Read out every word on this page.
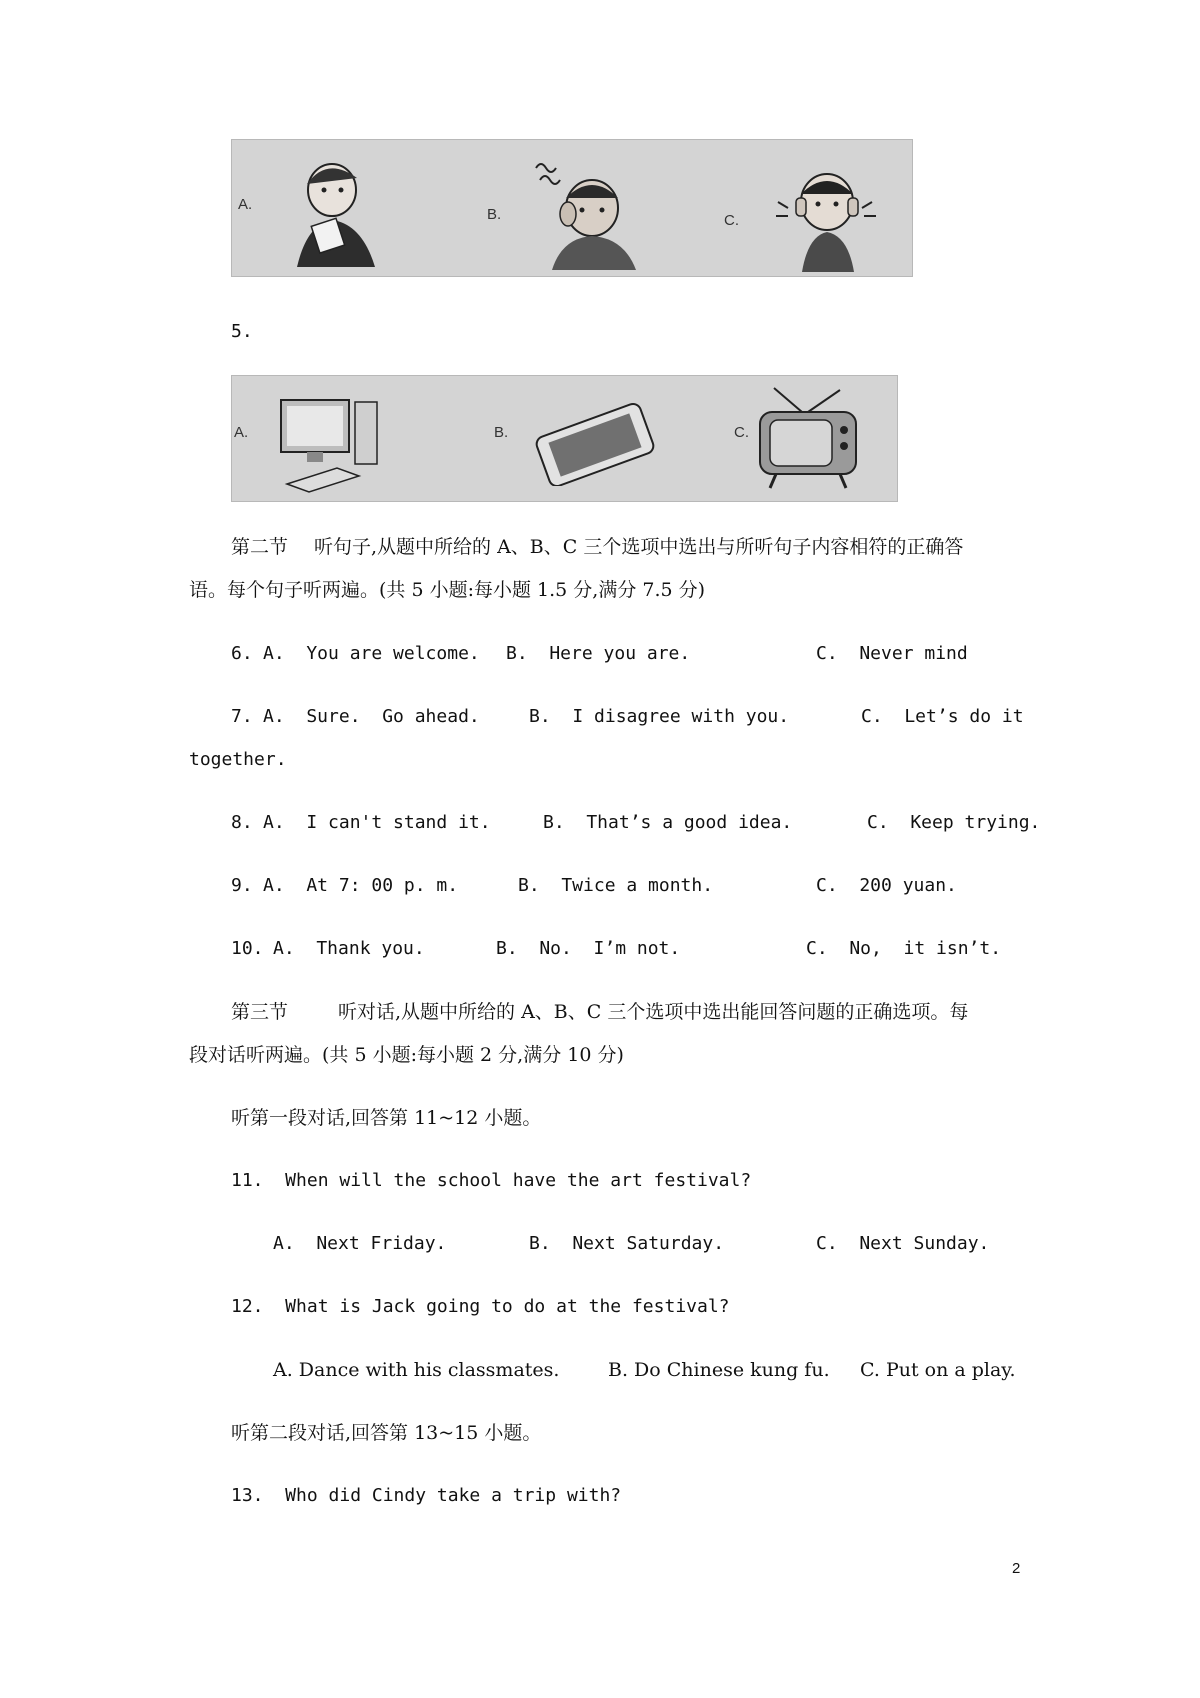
A.
B.	C.
5.
A.	B.	C.
第二节 听句子,从题中所给的 A、B、C 三个选项中选出与所听句子内容相符的正确答
语。每个句子听两遍。(共 5 小题:每小题 1.5 分,满分 7.5 分)
6. A.  You are welcome. B.  Here you are.	C.  Never mind
7. A.  Sure.  Go ahead.	B.  I disagree with you.	C.  Let’s do it
together.
8. A.  I can't stand it.	B.  That’s a good idea.	C.  Keep trying.
9. A.  At 7: 00 p. m.	B.  Twice a month.	C.  200 yuan.
10. A.  Thank you.	B.  No.  I’m not.	C.  No,  it isn’t.
第三节	听对话,从题中所给的 A、B、C 三个选项中选出能回答问题的正确选项。每
段对话听两遍。(共 5 小题:每小题 2 分,满分 10 分)
听第一段对话,回答第 11~12 小题。
11.  When will the school have the art festival?
A.  Next Friday.	B.  Next Saturday.	C.  Next Sunday.
12.  What is Jack going to do at the festival?
A. Dance with his classmates.	B. Do Chinese kung fu. C. Put on a play.
听第二段对话,回答第 13~15 小题。
13.  Who did Cindy take a trip with?
2
